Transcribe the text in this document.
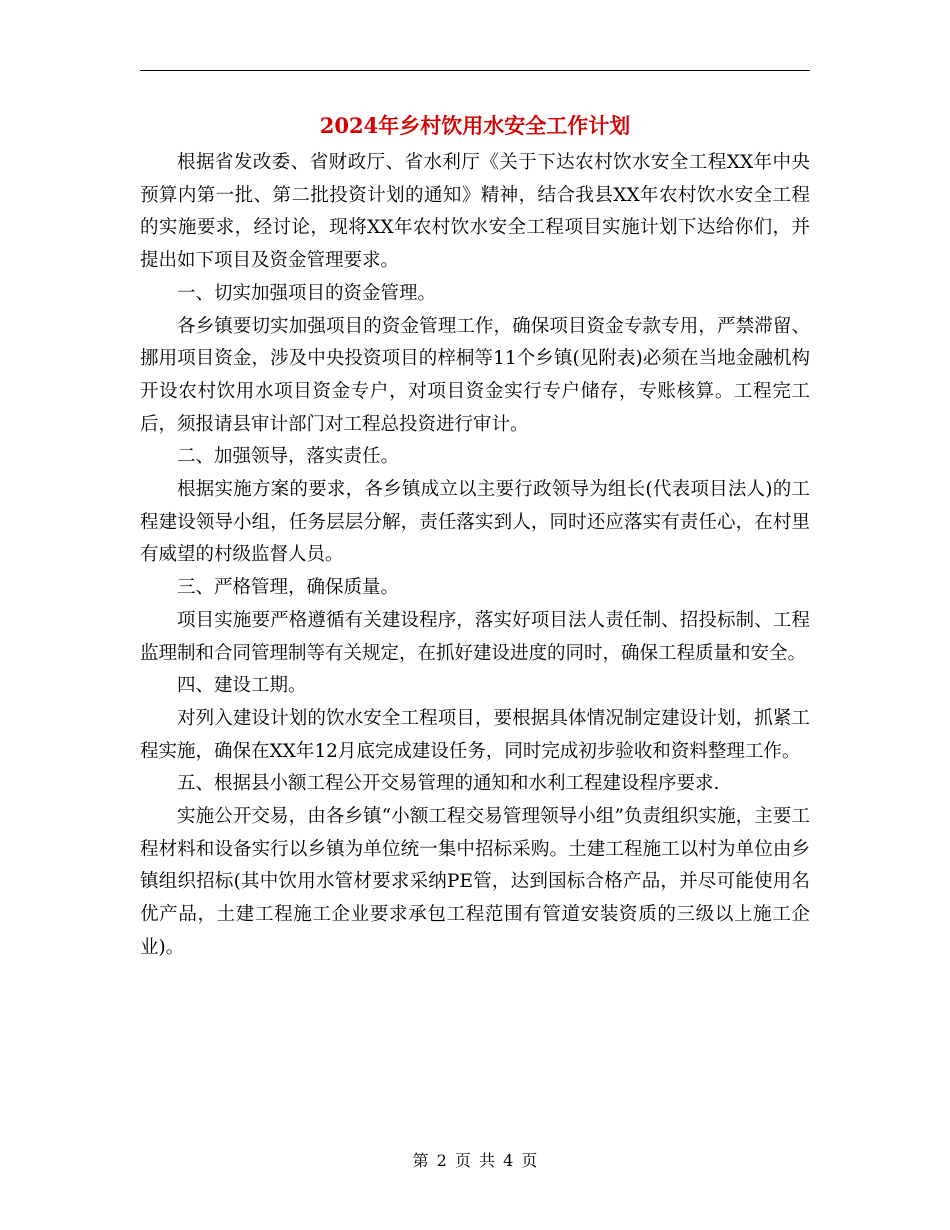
2024年乡村饮用水安全工作计划

根据省发改委、省财政厅、省水利厅《关于下达农村饮水安全工程XX年中央预算内第一批、第二批投资计划的通知》精神，结合我县XX年农村饮水安全工程的实施要求，经讨论，现将XX年农村饮水安全工程项目实施计划下达给你们，并提出如下项目及资金管理要求。

一、切实加强项目的资金管理。

各乡镇要切实加强项目的资金管理工作，确保项目资金专款专用，严禁滞留、挪用项目资金，涉及中央投资项目的梓桐等11个乡镇(见附表)必须在当地金融机构开设农村饮用水项目资金专户，对项目资金实行专户储存，专账核算。工程完工后，须报请县审计部门对工程总投资进行审计。

二、加强领导，落实责任。

根据实施方案的要求，各乡镇成立以主要行政领导为组长(代表项目法人)的工程建设领导小组，任务层层分解，责任落实到人，同时还应落实有责任心，在村里有威望的村级监督人员。

三、严格管理，确保质量。

项目实施要严格遵循有关建设程序，落实好项目法人责任制、招投标制、工程监理制和合同管理制等有关规定，在抓好建设进度的同时，确保工程质量和安全。

四、建设工期。

对列入建设计划的饮水安全工程项目，要根据具体情况制定建设计划，抓紧工程实施，确保在XX年12月底完成建设任务，同时完成初步验收和资料整理工作。

五、根据县小额工程公开交易管理的通知和水利工程建设程序要求.

实施公开交易，由各乡镇“小额工程交易管理领导小组”负责组织实施，主要工程材料和设备实行以乡镇为单位统一集中招标采购。土建工程施工以村为单位由乡镇组织招标(其中饮用水管材要求采纳PE管，达到国标合格产品，并尽可能使用名优产品，土建工程施工企业要求承包工程范围有管道安装资质的三级以上施工企业)。

第 2 页 共 4 页
